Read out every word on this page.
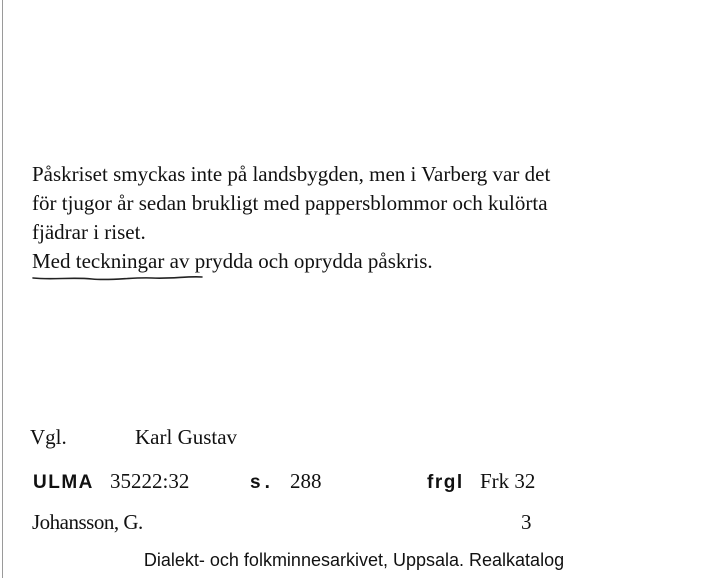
Påskriset smyckas inte på landsbygden, men i Varberg var det
för tjugor år sedan brukligt med pappersblommor och kulörta
fjädrar i riset.
Med teckningar av prydda och oprydda påskris.
Vgl.	Karl Gustav
ULMA 35222:32	s. 288	frgl Frk 32
Johansson, G.	3
Dialekt- och folkminnesarkivet, Uppsala. Realkatalog
